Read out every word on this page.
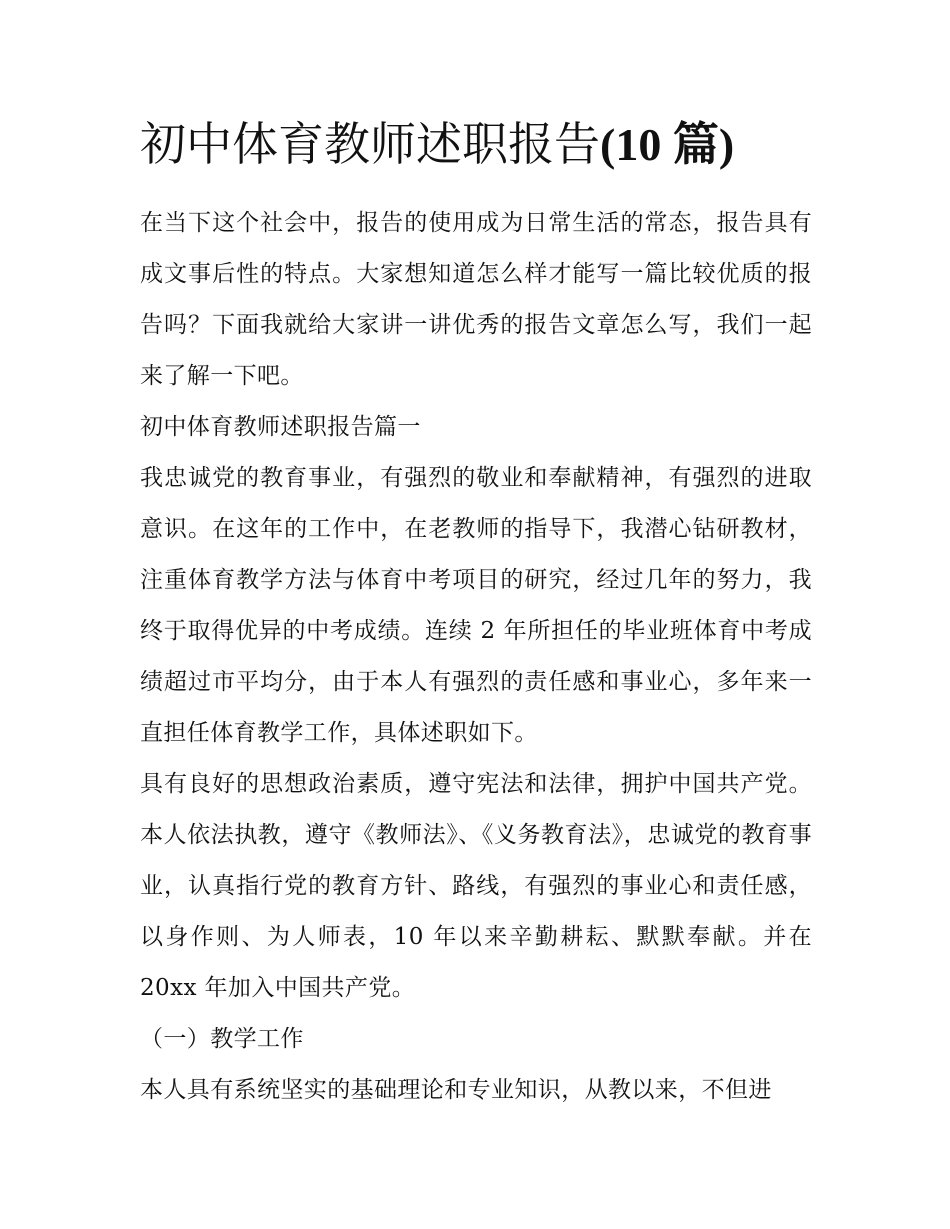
初中体育教师述职报告(10 篇)

在当下这个社会中，报告的使用成为日常生活的常态，报告具有成文事后性的特点。大家想知道怎么样才能写一篇比较优质的报告吗？下面我就给大家讲一讲优秀的报告文章怎么写，我们一起来了解一下吧。

初中体育教师述职报告篇一

我忠诚党的教育事业，有强烈的敬业和奉献精神，有强烈的进取意识。在这年的工作中，在老教师的指导下，我潜心钻研教材，注重体育教学方法与体育中考项目的研究，经过几年的努力，我终于取得优异的中考成绩。连续 2 年所担任的毕业班体育中考成绩超过市平均分，由于本人有强烈的责任感和事业心，多年来一直担任体育教学工作，具体述职如下。

具有良好的思想政治素质，遵守宪法和法律，拥护中国共产党。本人依法执教，遵守《教师法》、《义务教育法》，忠诚党的教育事业，认真指行党的教育方针、路线，有强烈的事业心和责任感，以身作则、为人师表，10 年以来辛勤耕耘、默默奉献。并在 20xx 年加入中国共产党。

（一）教学工作

本人具有系统坚实的基础理论和专业知识，从教以来，不但进
